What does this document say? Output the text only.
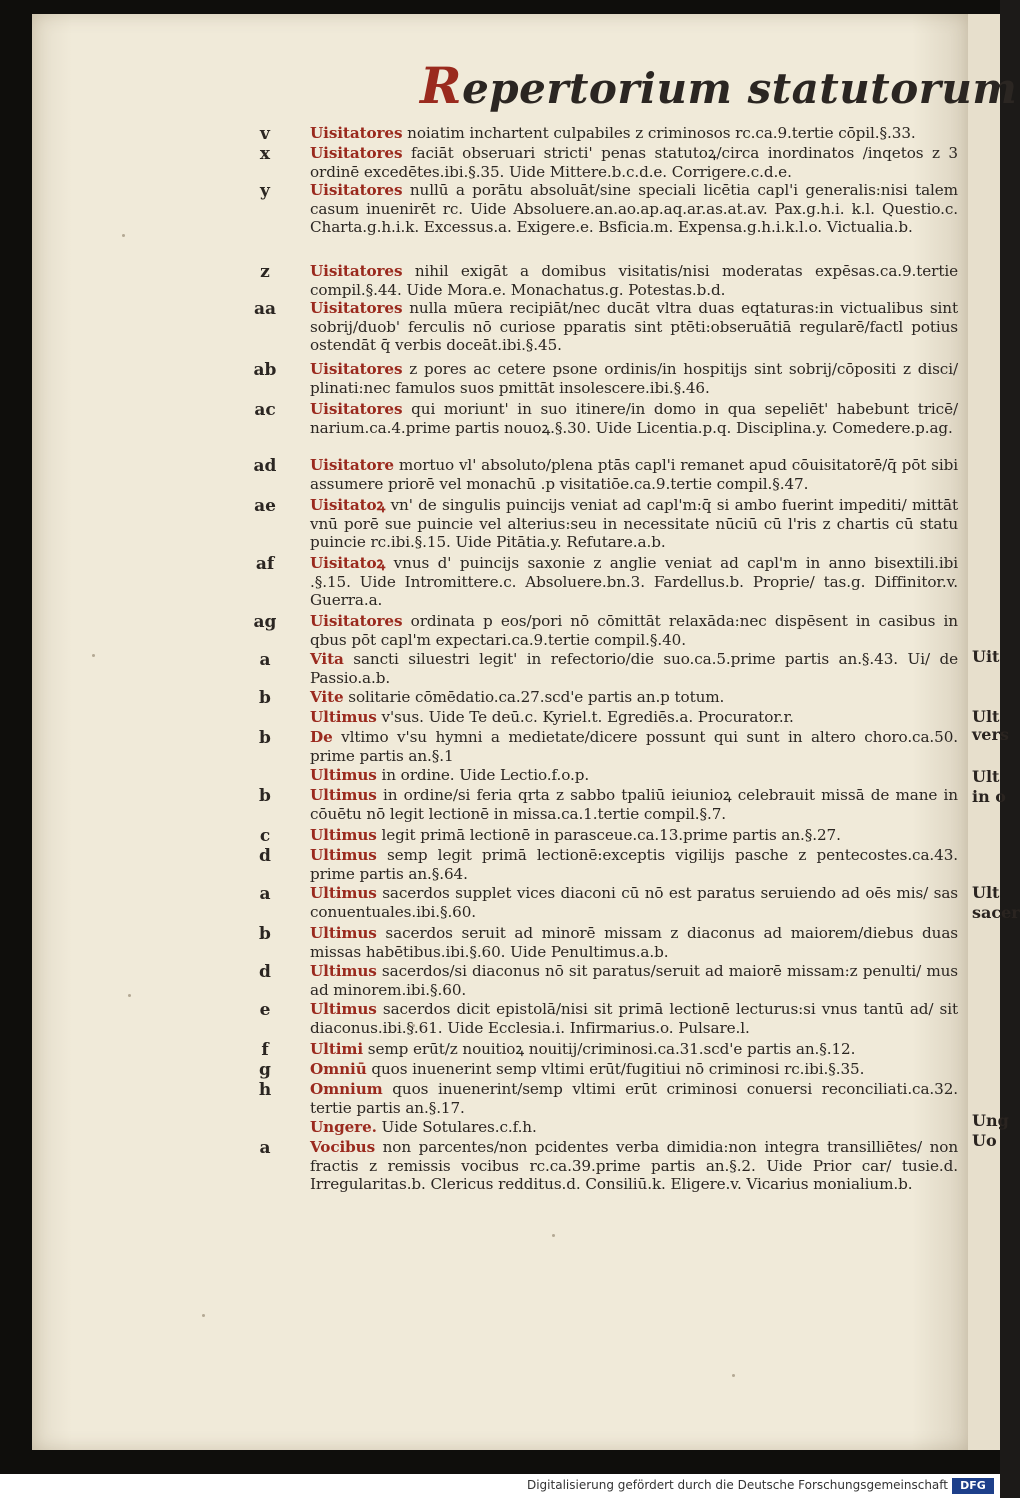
Uit
Ult
vers
Ult
in o
Ult
sacer
Ung
Uo
Repertorium statutorum
v	Uisitatores noiatim inchartent culpabiles z criminosos rc.ca.9.tertie cōpil.§.33.
x	Uisitatores faciāt obseruari stricti' penas statutoꝝ/circa inordinatos /inqetos z 3 ordinē excedētes.ibi.§.35. Uide Mittere.b.c.d.e. Corrigere.c.d.e.
y	Uisitatores nullū a porātu absoluāt/sine speciali licētia capl'i generalis:nisi talem casum inuenirēt rc. Uide Absoluere.an.ao.ap.aq.ar.as.at.av. Pax.g.h.i. k.l. Questio.c. Charta.g.h.i.k. Excessus.a. Exigere.e. Bsficia.m. Expensa.g.h.i.k.l.o. Victualia.b.
z	Uisitatores nihil exigāt a domibus visitatis/nisi moderatas expēsas.ca.9.tertie compil.§.44. Uide Mora.e. Monachatus.g. Potestas.b.d.
aa	Uisitatores nulla mūera recipiāt/nec ducāt vltra duas eqtaturas:in victualibus sint sobrij/duob' ferculis nō curiose pparatis sint ptēti:obseruātiā regularē/factl potius ostendāt q̄ verbis doceāt.ibi.§.45.
ab	Uisitatores z pores ac cetere psone ordinis/in hospitijs sint sobrij/cōpositi z disci/ plinati:nec famulos suos pmittāt insolescere.ibi.§.46.
ac	Uisitatores qui moriunt' in suo itinere/in domo in qua sepeliēt' habebunt tricē/ narium.ca.4.prime partis nouoꝝ.§.30. Uide Licentia.p.q. Disciplina.y. Comedere.p.ag.
ad	Uisitatore mortuo vl' absoluto/plena ptās capl'i remanet apud cōuisitatorē/q̄ pōt sibi assumere priorē vel monachū .p visitatiōe.ca.9.tertie compil.§.47.
ae	Uisitatoꝝ vn' de singulis puincijs veniat ad capl'm:q̄ si ambo fuerint impediti/ mittāt vnū porē sue puincie vel alterius:seu in necessitate nūciū cū l'ris z chartis cū statu puincie rc.ibi.§.15. Uide Pitātia.y. Refutare.a.b.
af	Uisitatoꝝ vnus d' puincijs saxonie z anglie veniat ad capl'm in anno bisextili.ibi .§.15. Uide Intromittere.c. Absoluere.bn.3. Fardellus.b. Proprie/ tas.g. Diffinitor.v. Guerra.a.
ag	Uisitatores ordinata p eos/pori nō cōmittāt relaxāda:nec dispēsent in casibus in qbus pōt capl'm expectari.ca.9.tertie compil.§.40.
a	Vita sancti siluestri legit' in refectorio/die suo.ca.5.prime partis an.§.43. Ui/ de Passio.a.b.
b	Vite solitarie cōmēdatio.ca.27.scd'e partis an.p totum.
Ultimus v'sus. Uide Te deū.c. Kyriel.t. Egrediēs.a. Procurator.r.
b	De vltimo v'su hymni a medietate/dicere possunt qui sunt in altero choro.ca.50. prime partis an.§.1
Ultimus in ordine. Uide Lectio.f.o.p.
b	Ultimus in ordine/si feria qrta z sabbo tpaliū ieiunioꝝ celebrauit missā de mane in cōuētu nō legit lectionē in missa.ca.1.tertie compil.§.7.
c	Ultimus legit primā lectionē in parasceue.ca.13.prime partis an.§.27.
d	Ultimus semp legit primā lectionē:exceptis vigilijs pasche z pentecostes.ca.43. prime partis an.§.64.
a	Ultimus sacerdos supplet vices diaconi cū nō est paratus seruiendo ad oēs mis/ sas conuentuales.ibi.§.60.
b	Ultimus sacerdos seruit ad minorē missam z diaconus ad maiorem/diebus duas missas habētibus.ibi.§.60. Uide Penultimus.a.b.
d	Ultimus sacerdos/si diaconus nō sit paratus/seruit ad maiorē missam:z penulti/ mus ad minorem.ibi.§.60.
e	Ultimus sacerdos dicit epistolā/nisi sit primā lectionē lecturus:si vnus tantū ad/ sit diaconus.ibi.§.61. Uide Ecclesia.i. Infirmarius.o. Pulsare.l.
f	Ultimi semp erūt/z nouitioꝝ nouitij/criminosi.ca.31.scd'e partis an.§.12.
g	Omniū quos inuenerint semp vltimi erūt/fugitiui nō criminosi rc.ibi.§.35.
h	Omnium quos inuenerint/semp vltimi erūt criminosi conuersi reconciliati.ca.32. tertie partis an.§.17.
Ungere. Uide Sotulares.c.f.h.
a	Vocibus non parcentes/non pcidentes verba dimidia:non integra transilliētes/ non fractis z remissis vocibus rc.ca.39.prime partis an.§.2. Uide Prior car/ tusie.d. Irregularitas.b. Clericus redditus.d. Consiliū.k. Eligere.v. Vicarius monialium.b.
Digitalisierung gefördert durch die Deutsche Forschungsgemeinschaft	DFG
